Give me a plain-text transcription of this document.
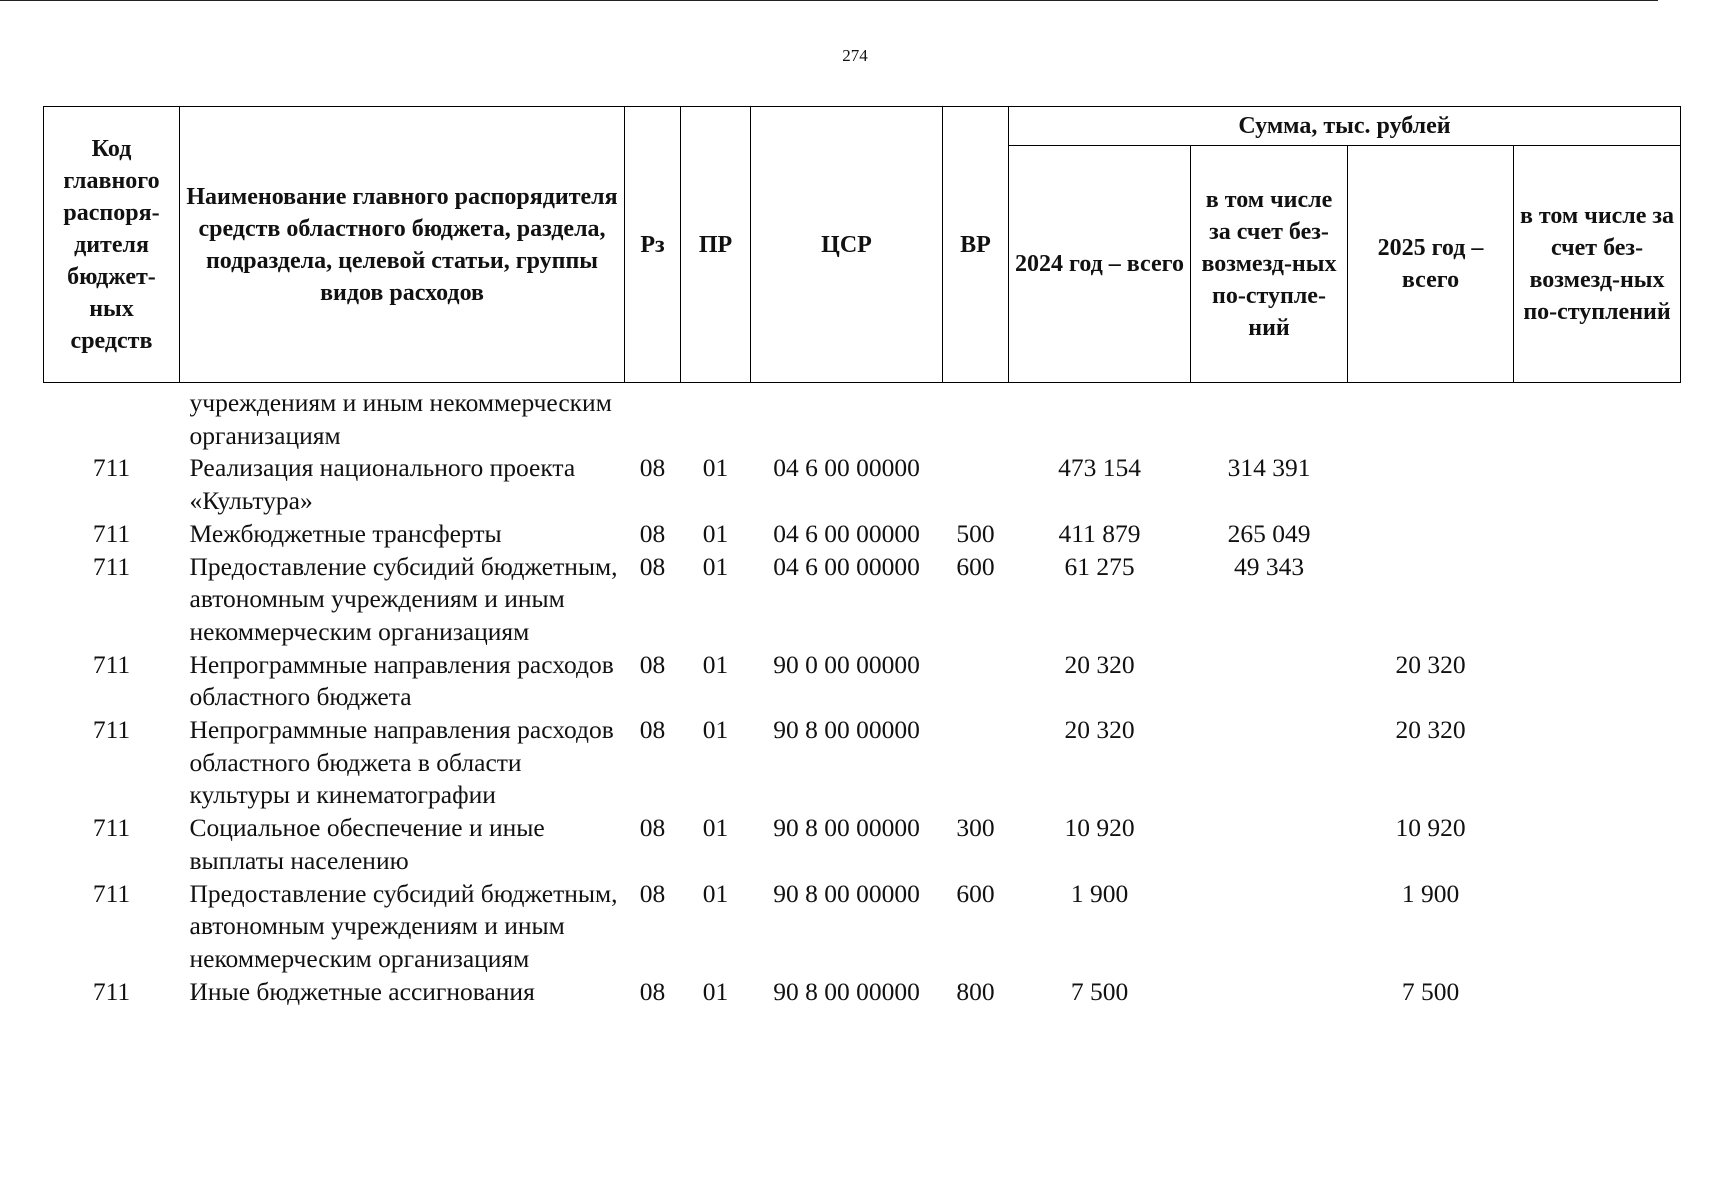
274
Код главного распоря-дителя бюджет-ных средств	Наименование главного распорядителя средств областного бюджета, раздела, подраздела, целевой статьи, группы видов расходов	Рз	ПР	ЦСР	ВР	Сумма, тыс. рублей			
						2024 год – всего	в том числе за счет без-возмезд-ных по-ступле-ний	2025 год – всего	в том числе за счет без-возмезд-ных по-ступлений
	учреждениям и иным некоммерческим организациям								
711	Реализация национального проекта «Культура»	08	01	04 6 00 00000		473 154	314 391		
711	Межбюджетные трансферты	08	01	04 6 00 00000	500	411 879	265 049		
711	Предоставление субсидий бюджетным, автономным учреждениям и иным некоммерческим организациям	08	01	04 6 00 00000	600	61 275	49 343		
711	Непрограммные направления расходов областного бюджета	08	01	90 0 00 00000		20 320		20 320	
711	Непрограммные направления расходов областного бюджета в области культуры и кинематографии	08	01	90 8 00 00000		20 320		20 320	
711	Социальное обеспечение и иные выплаты населению	08	01	90 8 00 00000	300	10 920		10 920	
711	Предоставление субсидий бюджетным, автономным учреждениям и иным некоммерческим организациям	08	01	90 8 00 00000	600	1 900		1 900	
711	Иные бюджетные ассигнования	08	01	90 8 00 00000	800	7 500		7 500	
